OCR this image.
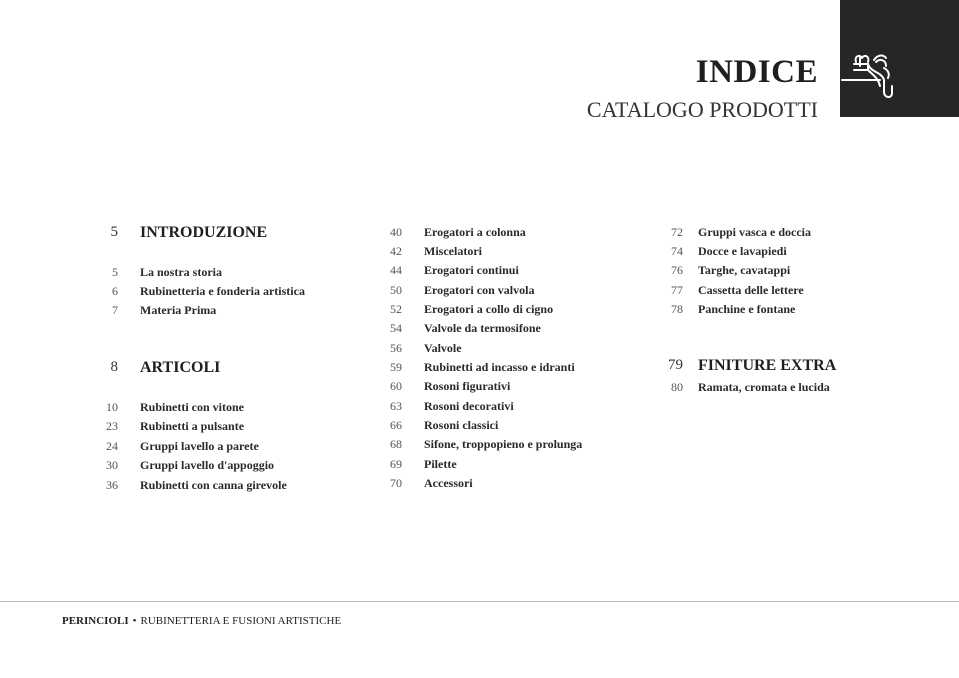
INDICE
CATALOGO PRODOTTI
5 INTRODUZIONE
5 La nostra storia
6 Rubinetteria e fonderia artistica
7 Materia Prima
8 ARTICOLI
10 Rubinetti con vitone
23 Rubinetti a pulsante
24 Gruppi lavello a parete
30 Gruppi lavello d'appoggio
36 Rubinetti con canna girevole
40 Erogatori a colonna
42 Miscelatori
44 Erogatori continui
50 Erogatori con valvola
52 Erogatori a collo di cigno
54 Valvole da termosifone
56 Valvole
59 Rubinetti ad incasso e idranti
60 Rosoni figurativi
63 Rosoni decorativi
66 Rosoni classici
68 Sifone, troppopieno e prolunga
69 Pilette
70 Accessori
72 Gruppi vasca e doccia
74 Docce e lavapiedi
76 Targhe, cavatappi
77 Cassetta delle lettere
78 Panchine e fontane
79 FINITURE EXTRA
80 Ramata, cromata e lucida
PERINCIOLI • RUBINETTERIA E FUSIONI ARTISTICHE
